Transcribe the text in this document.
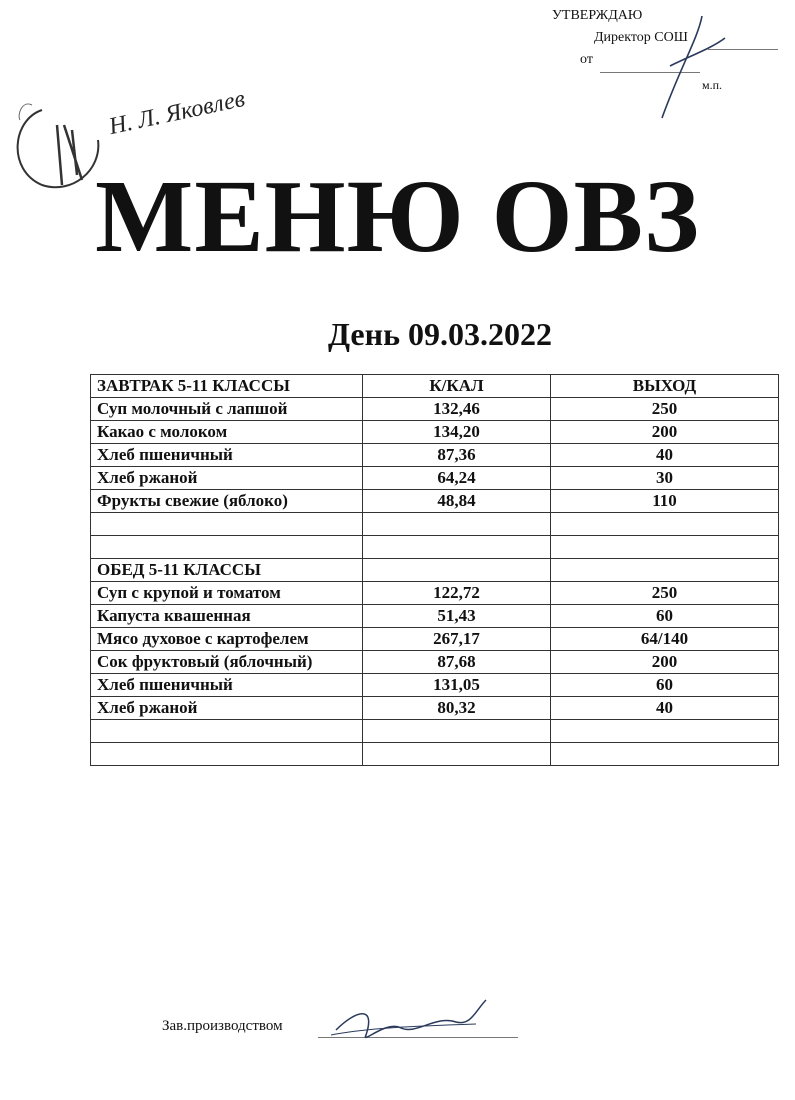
УТВЕРЖДАЮ
Директор СОШ
от
м.п.
Н. Л. Яковлев
МЕНЮ ОВЗ
День 09.03.2022
ЗАВТРАК 5-11 КЛАССЫ	К/КАЛ	ВЫХОД
Суп молочный с лапшой	132,46	250
Какао с молоком	134,20	200
Хлеб пшеничный	87,36	40
Хлеб ржаной	64,24	30
Фрукты свежие (яблоко)	48,84	110

ОБЕД 5-11 КЛАССЫ		
Суп с крупой и томатом	122,72	250
Капуста квашенная	51,43	60
Мясо духовое с картофелем	267,17	64/140
Сок фруктовый (яблочный)	87,68	200
Хлеб пшеничный	131,05	60
Хлеб ржаной	80,32	40

Зав.производством
